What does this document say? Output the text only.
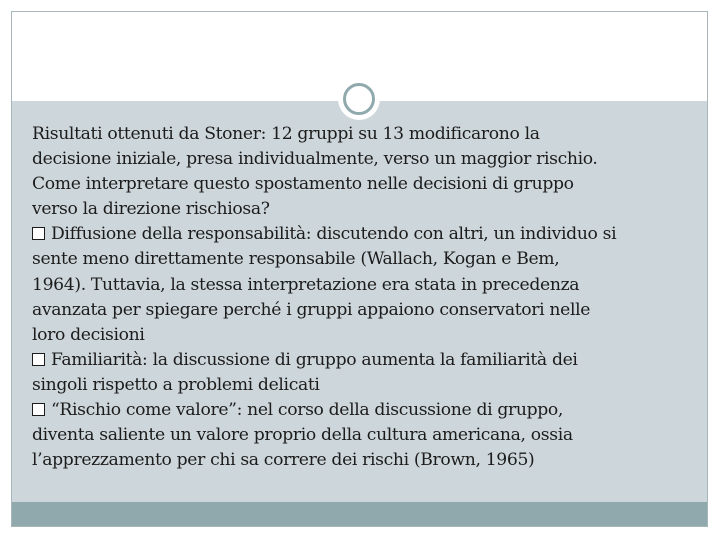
Risultati ottenuti da Stoner: 12 gruppi su 13 modificarono la
decisione iniziale, presa individualmente, verso un maggior rischio.
Come interpretare questo spostamento nelle decisioni di gruppo
verso la direzione rischiosa?

Diffusione della responsabilità: discutendo con altri, un individuo si
sente meno direttamente responsabile (Wallach, Kogan e Bem,
1964). Tuttavia, la stessa interpretazione era stata in precedenza
avanzata per spiegare perché i gruppi appaiono conservatori nelle
loro decisioni

Familiarità: la discussione di gruppo aumenta la familiarità dei
singoli rispetto a problemi delicati

“Rischio come valore”: nel corso della discussione di gruppo,
diventa saliente un valore proprio della cultura americana, ossia
l’apprezzamento per chi sa correre dei rischi (Brown, 1965)
